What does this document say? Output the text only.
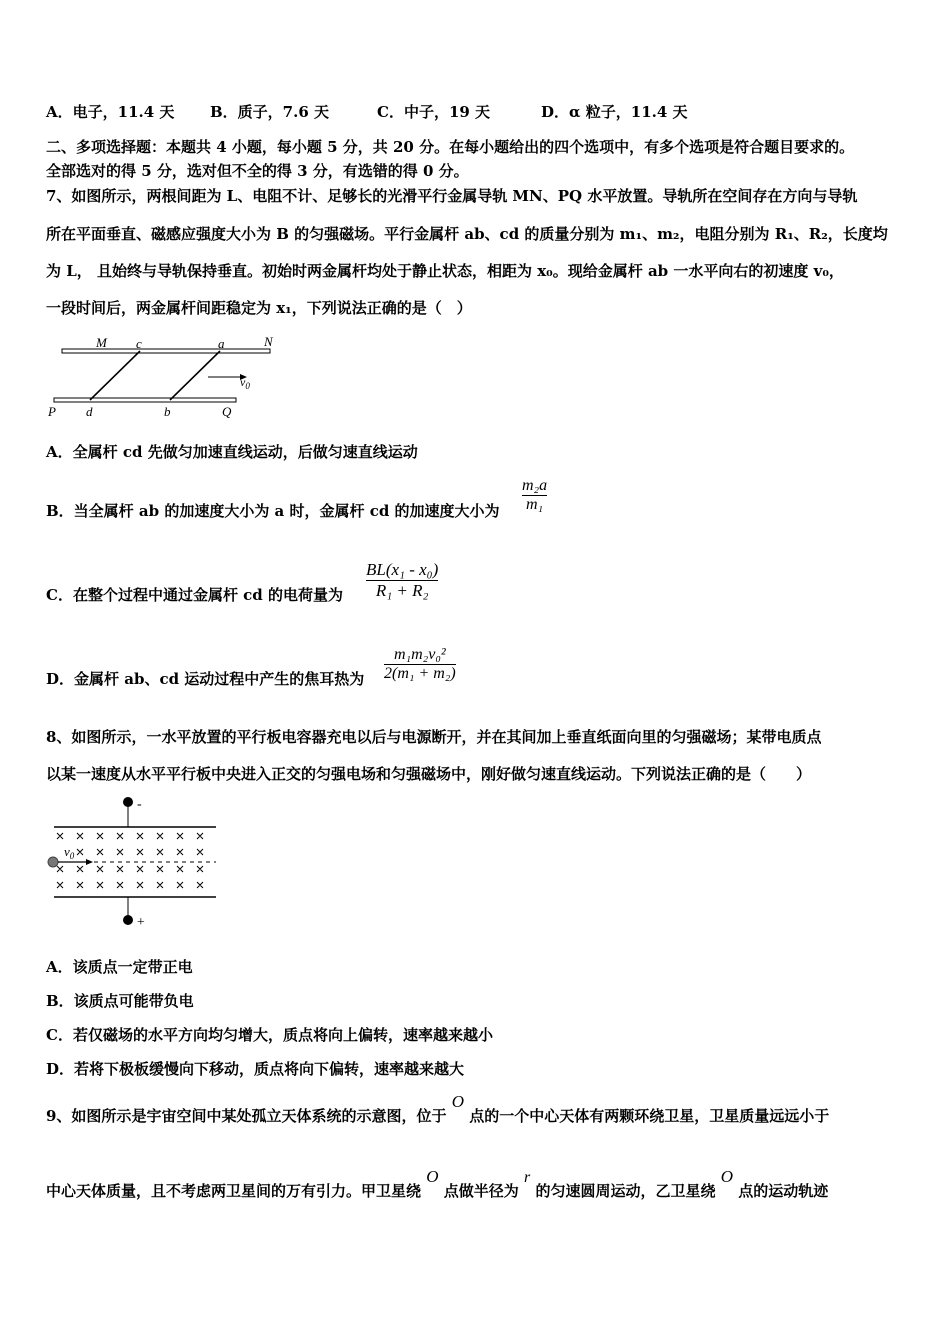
A．电子，11.4 天 B．质子，7.6 天	C．中子，19 天	D．α 粒子，11.4 天
二、多项选择题：本题共 4 小题，每小题 5 分，共 20 分。在每小题给出的四个选项中，有多个选项是符合题目要求的。
全部选对的得 5 分，选对但不全的得 3 分，有选错的得 0 分。
7、如图所示，两根间距为 L、电阻不计、足够长的光滑平行金属导轨 MN、PQ 水平放置。导轨所在空间存在方向与导轨
所在平面垂直、磁感应强度大小为 B 的匀强磁场。平行金属杆 ab、cd 的质量分别为 m₁、m₂，电阻分别为 R₁、R₂，长度均
为 L， 且始终与导轨保持垂直。初始时两金属杆均处于静止状态，相距为 x₀。现给金属杆 ab 一水平向右的初速度 v₀，
一段时间后，两金属杆间距稳定为 x₁，下列说法正确的是（　）
M c	a	N
$v_0$
P d	b	Q
A．全属杆 cd 先做匀加速直线运动，后做匀速直线运动
B．当全属杆 ab 的加速度大小为 a 时，金属杆 cd 的加速度大小为
m₂a
m₁
C．在整个过程中通过金属杆 cd 的电荷量为
BL(x₁ - x₀)
R₁ + R₂
D．金属杆 ab、cd 运动过程中产生的焦耳热为
m₁m₂v₀²
2(m₁ + m₂)
8、如图所示，一水平放置的平行板电容器充电以后与电源断开，并在其间加上垂直纸面向里的匀强磁场；某带电质点
以某一速度从水平平行板中央进入正交的匀强电场和匀强磁场中，刚好做匀速直线运动。下列说法正确的是（　　）
-
+
$v_0$
A．该质点一定带正电
B．该质点可能带负电
C．若仅磁场的水平方向均匀增大，质点将向上偏转，速率越来越小
D．若将下极板缓慢向下移动，质点将向下偏转，速率越来越大
9、如图所示是宇宙空间中某处孤立天体系统的示意图，位于 O 点的一个中心天体有两颗环绕卫星，卫星质量远远小于
中心天体质量，且不考虑两卫星间的万有引力。甲卫星绕 O 点做半径为 r 的匀速圆周运动，乙卫星绕 O 点的运动轨迹
